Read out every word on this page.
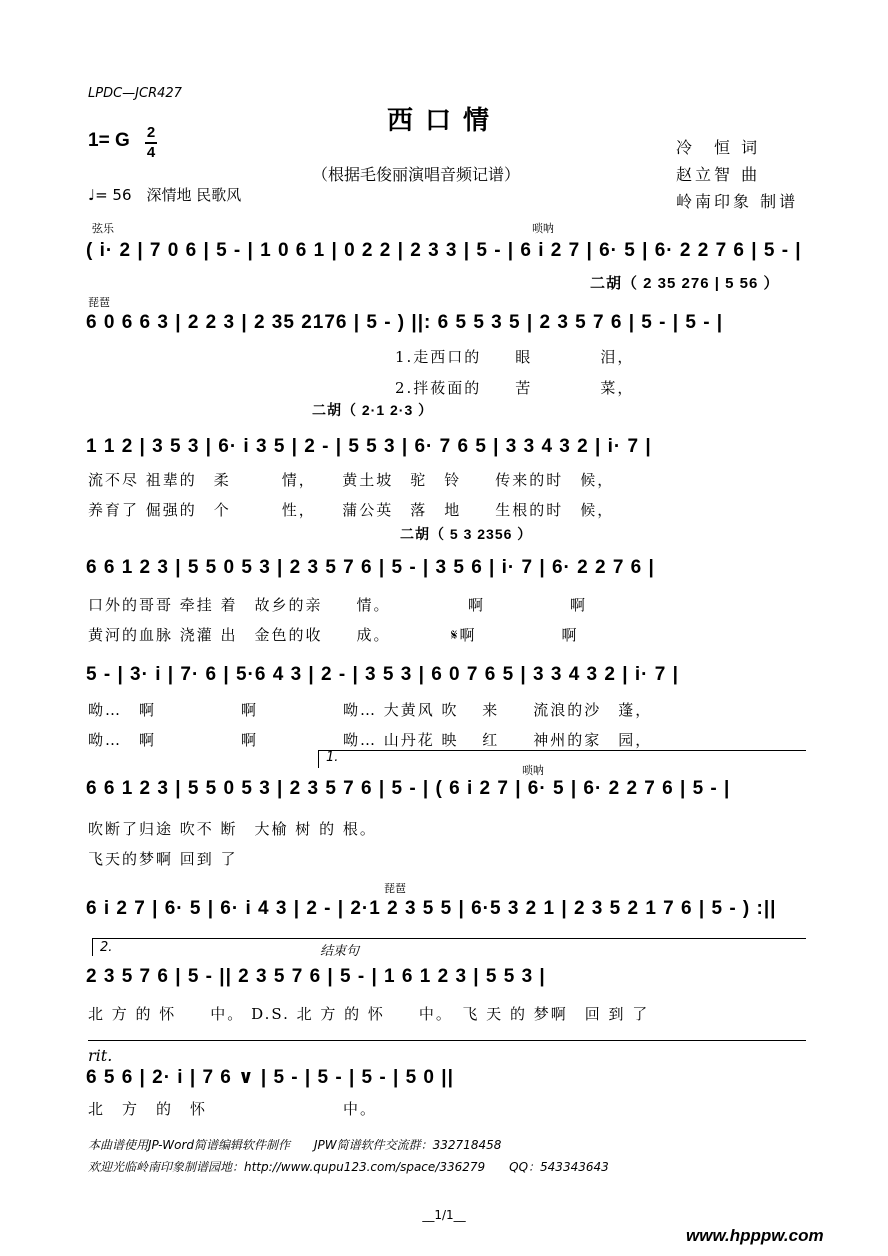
LPDC—JCR427
西口情
1= G 2
4
（根据毛俊丽演唱音频记谱）
♩= 56　深情地 民歌风
冷　恒 词
赵立智 曲
岭南印象 制谱
弦乐	唢呐
( i· 2 | 7 0 6 | 5 - | 1 0 6 1 | 0 2 2 | 2 3 3 | 5 - | 6 i 2 7 | 6· 5 | 6· 2 2 7 6 | 5 - |
二胡（ 2 35 276 | 5 56 ）
琵琶
6 0 6 6 3 | 2 2 3 | 2 35 2176 | 5 - ) ||: 6 5 5 3 5 | 2 3 5 7 6 | 5 - | 5 - |
1.走西口的　　眼　　　　泪，
2.拌莜面的　　苦　　　　菜，
二胡（ 2·1 2·3 ）
1 1 2 | 3 5 3 | 6· i 3 5 | 2 - | 5 5 3 | 6· 7 6 5 | 3 3 4 3 2 | i· 7 |
流不尽 祖辈的　柔　　　情，　　黄土坡　驼　铃　　传来的时　候，
养育了 倔强的　个　　　性，　　蒲公英　落　地　　生根的时　候，
二胡（ 5 3 2356 ）
6 6 1 2 3 | 5 5 0 5 3 | 2 3 5 7 6 | 5 - | 3 5 6 | i· 7 | 6· 2 2 7 6 |
口外的哥哥 牵挂 着　故乡的亲　　情。　　　　　啊　　　　　啊
黄河的血脉 浇灌 出　金色的收　　成。　　　　𝄋啊　　　　　啊
5 - | 3· i | 7· 6 | 5·6 4 3 | 2 - | 3 5 3 | 6 0 7 6 5 | 3 3 4 3 2 | i· 7 |
呦…　啊　　　　　啊　　　　　呦… 大黄风 吹　 来　　流浪的沙　蓬，
呦…　啊　　　　　啊　　　　　呦… 山丹花 映　 红　　神州的家　园，
1.
唢呐
6 6 1 2 3 | 5 5 0 5 3 | 2 3 5 7 6 | 5 - | ( 6 i 2 7 | 6· 5 | 6· 2 2 7 6 | 5 - |
吹断了归途 吹不 断　大榆 树 的 根。
飞天的梦啊 回到 了
琵琶
6 i 2 7 | 6· 5 | 6· i 4 3 | 2 - | 2·1 2 3 5 5 | 6·5 3 2 1 | 2 3 5 2 1 7 6 | 5 - ) :||
2.	结束句
2 3 5 7 6 | 5 - || 2 3 5 7 6 | 5 - | 1 6 1 2 3 | 5 5 3 |
北 方 的 怀　　中。 D.S. 北 方 的 怀　　中。　飞 天 的 梦啊　回 到 了
rit.
6 5 6 | 2· i | 7 6 ∨ | 5 - | 5 - | 5 - | 5 0 ||
北　方　的　怀　　　　　　　　中。
本曲谱使用JP-Word简谱编辑软件制作　　JPW简谱软件交流群：332718458
欢迎光临岭南印象制谱园地：http://www.qupu123.com/space/336279　　QQ：543343643
__1/1__
www.hpppw.com
